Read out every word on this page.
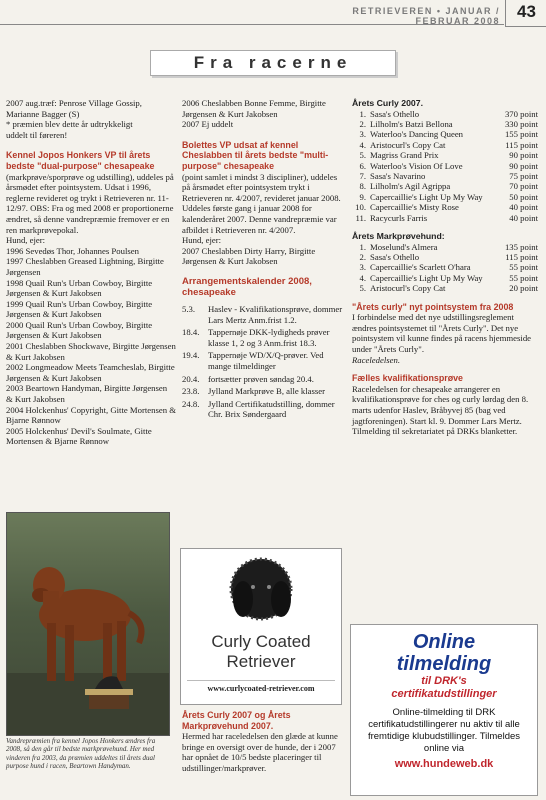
RETRIEVEREN • JANUAR / FEBRUAR 2008	43
Fra racerne

2007 aug.træf: Penrose Village Gossip,

Marianne Bagger (S)

* præmien blev dette år udtrykkeligt

uddelt til føreren!

Kennel Jopos Honkers VP til årets bedste "dual-purpose" chesapeake

(markprøve/sporprøve og udstilling), uddeles på årsmødet efter pointsystem. Udsat i 1996, reglerne revideret og trykt i Retrieveren nr. 11-12/97. OBS: Fra og med 2008 er proportionerne ændret, så denne vandrepræmie fremover er en ren markprøvepokal.

Hund, ejer:

1996 Sevedøs Thor, Johannes Poulsen

1997 Cheslabben Greased Lightning, Birgitte Jørgensen

1998 Quail Run's Urban Cowboy, Birgitte Jørgensen & Kurt Jakobsen

1999 Quail Run's Urban Cowboy, Birgitte Jørgensen & Kurt Jakobsen

2000 Quail Run's Urban Cowboy, Birgitte Jørgensen & Kurt Jakobsen

2001 Cheslabben Shockwave, Birgitte Jørgensen & Kurt Jakobsen

2002 Longmeadow Meets Teamcheslab, Birgitte Jørgensen & Kurt Jakobsen

2003 Beartown Handyman, Birgitte Jørgensen & Kurt Jakobsen

2004 Holckenhus' Copyright, Gitte Mortensen & Bjarne Rønnow

2005 Holckenhus' Devil's Soulmate, Gitte Mortensen & Bjarne Rønnow

Vandrepræmien fra kennel Jopos Honkers ændres fra 2008, så den går til bedste markprøvehund. Her med vinderen fra 2003, da præmien uddeltes til årets dual purpose hund i racen, Beartown Handyman.

2006 Cheslabben Bonne Femme, Birgitte Jørgensen & Kurt Jakobsen

2007 Ej uddelt

Bolettes VP udsat af kennel Cheslabben til årets bedste "multi-purpose" chesapeake

(point samlet i mindst 3 discipliner), uddeles på årsmødet efter pointsystem trykt i Retrieveren nr. 4/2007, revideret januar 2008. Uddeles første gang i januar 2008 for kalenderåret 2007. Denne vandrepræmie var afbildet i Retrieveren nr. 4/2007.

Hund, ejer:

2007 Cheslabben Dirty Harry, Birgitte Jørgensen & Kurt Jakobsen

Arrangementskalender 2008, chesapeake

5.3.	Haslev - Kvalifikationsprøve, dommer Lars Mertz Anm.frist 1.2.
18.4. Tappernøje DKK-lydigheds prøver klasse 1, 2 og 3 Anm.frist 18.3.
19.4. Tappernøje WD/X/Q-prøver. Ved mange tilmeldinger
20.4. fortsætter prøven søndag 20.4.
23.8. Jylland Markprøve B, alle klasser
24.8. Jylland Certifikatudstilling, dommer Chr. Brix Søndergaard
Curly Coated
Retriever
www.curlycoated-retriever.com

Årets Curly 2007 og Årets Markprøvehund 2007.

Hermed har raceledelsen den glæde at kunne bringe en oversigt over de hunde, der i 2007 har opnået de 10/5 bedste placeringer til udstillinger/markprøver.

Årets Curly 2007.

1.	Sasa's Othello	370 point
2.	Lilholm's Batzi Bellona	330 point
3.	Waterloo's Dancing Queen	155 point
4.	Aristocurl's Copy Cat	115 point
5.	Magriss Grand Prix	90 point
6.	Waterloo's Vision Of Love	90 point
7.	Sasa's Navarino	75 point
8.	Lilholm's Agil Agrippa	70 point
9.	Capercaillie's Light Up My Way	50 point
10.	Capercaillie's Misty Rose	40 point
11.	Racycurls Farris	40 point

Årets Markprøvehund:

1.	Moselund's Almera	135 point
2.	Sasa's Othello	115 point
3.	Capercaillie's Scarlett O'hara	55 point
4.	Capercaillie's Light Up My Way	55 point
5.	Aristocurl's Copy Cat	20 point

"Årets curly" nyt pointsystem fra 2008

I forbindelse med det nye udstillingsreglement ændres pointsystemet til "Årets Curly". Det nye pointsystem vil kunne findes på racens hjemmeside under "Årets Curly".

Raceledelsen.

Fælles kvalifikationsprøve

Raceledelsen for chesapeake arrangerer en kvalifikationsprøve for ches og curly lørdag den 8. marts udenfor Haslev, Bråbyvej 85 (bag ved jagtforeningen). Start kl. 9. Dommer Lars Mertz. Tilmelding til sekretariatet på DRKs blanketter.

Online
tilmelding
til DRK's
certifikatudstillinger
Online-tilmelding til DRK certifikatudstillingerer nu aktiv til alle fremtidige klubudstillinger. Tilmeldes online via
www.hundeweb.dk
